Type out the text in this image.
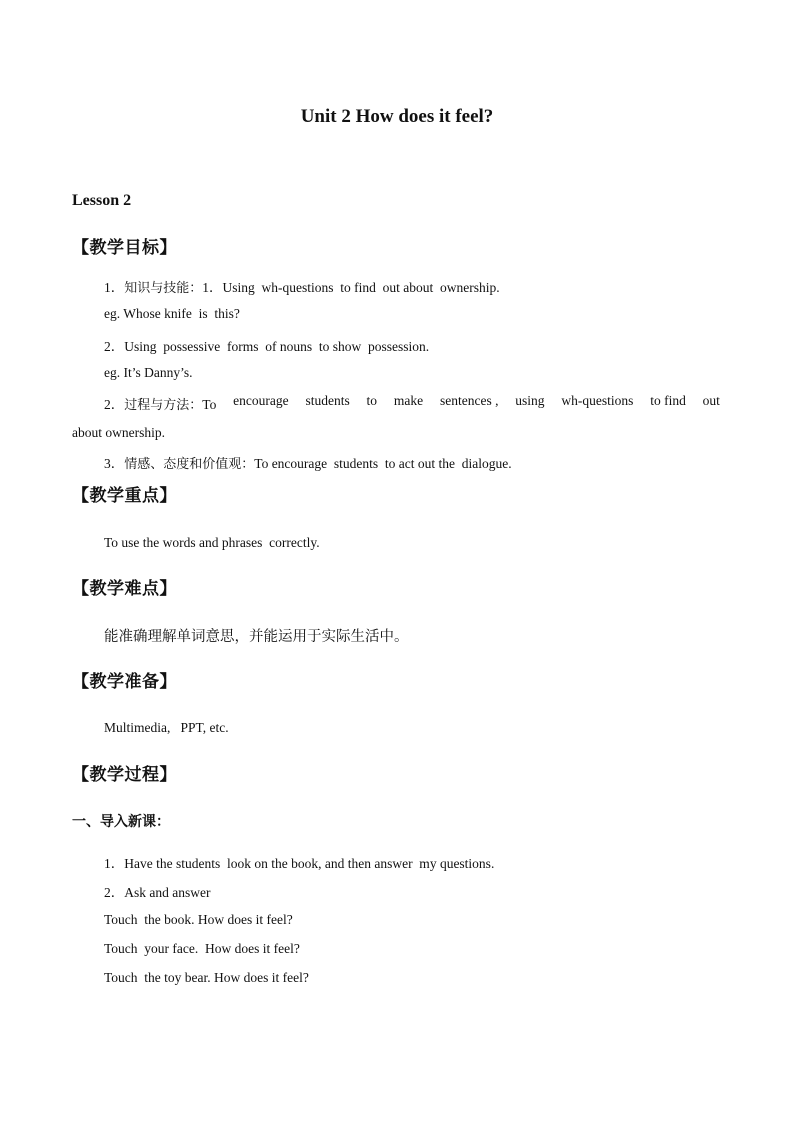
Unit 2 How does it feel?
Lesson 2
【教学目标】
1．知识与技能：1．Using  wh-questions  to find  out about  ownership.
eg. Whose knife  is  this?
2．Using  possessive  forms  of nouns  to show  possession.
eg. It’s Danny’s.
2．过程与方法：To encourage students to make sentences , using wh-questions to find out
about ownership.
3．情感、态度和价值观：To encourage  students  to act out the  dialogue.
【教学重点】
To use the words and phrases  correctly.
【教学难点】
能准确理解单词意思，并能运用于实际生活中。
【教学准备】
Multimedia,   PPT, etc.
【教学过程】
一、导入新课：
1．Have the students  look on the book, and then answer  my questions.
2．Ask and answer
Touch  the book. How does it feel?
Touch  your face.  How does it feel?
Touch  the toy bear. How does it feel?
